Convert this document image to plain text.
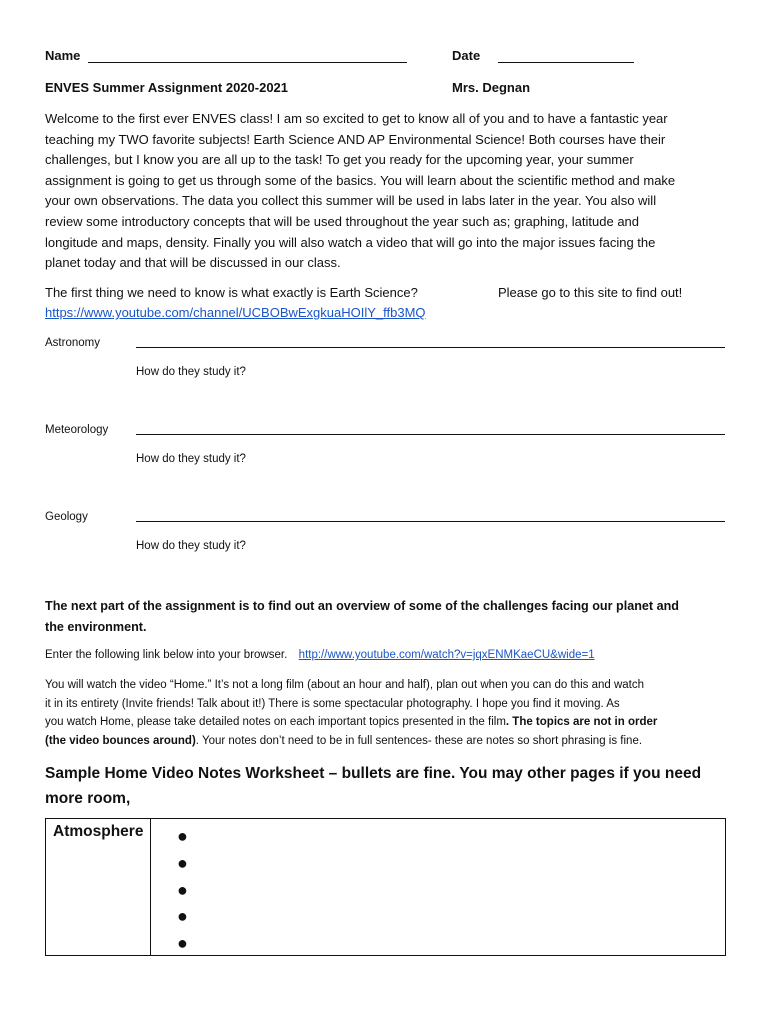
Name	Date
ENVES Summer Assignment 2020-2021	Mrs. Degnan
Welcome to the first ever ENVES class! I am so excited to get to know all of you and to have a fantastic year
teaching my TWO favorite subjects! Earth Science AND AP Environmental Science! Both courses have their
challenges, but I know you are all up to the task! To get you ready for the upcoming year, your summer
assignment is going to get us through some of the basics. You will learn about the scientific method and make
your own observations. The data you collect this summer will be used in labs later in the year. You also will
review some introductory concepts that will be used throughout the year such as; graphing, latitude and
longitude and maps, density. Finally you will also watch a video that will go into the major issues facing the
planet today and that will be discussed in our class.
The first thing we need to know is what exactly is Earth Science?	Please go to this site to find out!
https://www.youtube.com/channel/UCBOBwExgkuaHOIlY_ffb3MQ
Astronomy
How do they study it?
Meteorology
How do they study it?
Geology
How do they study it?
The next part of the assignment is to find out an overview of some of the challenges facing our planet and
the environment.
Enter the following link below into your browser. http://www.youtube.com/watch?v=jqxENMKaeCU&wide=1
You will watch the video “Home.” It’s not a long film (about an hour and half), plan out when you can do this and watch
it in its entirety (Invite friends! Talk about it!) There is some spectacular photography. I hope you find it moving. As
you watch Home, please take detailed notes on each important topics presented in the film. The topics are not in order
(the video bounces around). Your notes don’t need to be in full sentences- these are notes so short phrasing is fine.
Sample Home Video Notes Worksheet – bullets are fine. You may other pages if you need
more room,
Atmosphere ●
●
●
●
●
